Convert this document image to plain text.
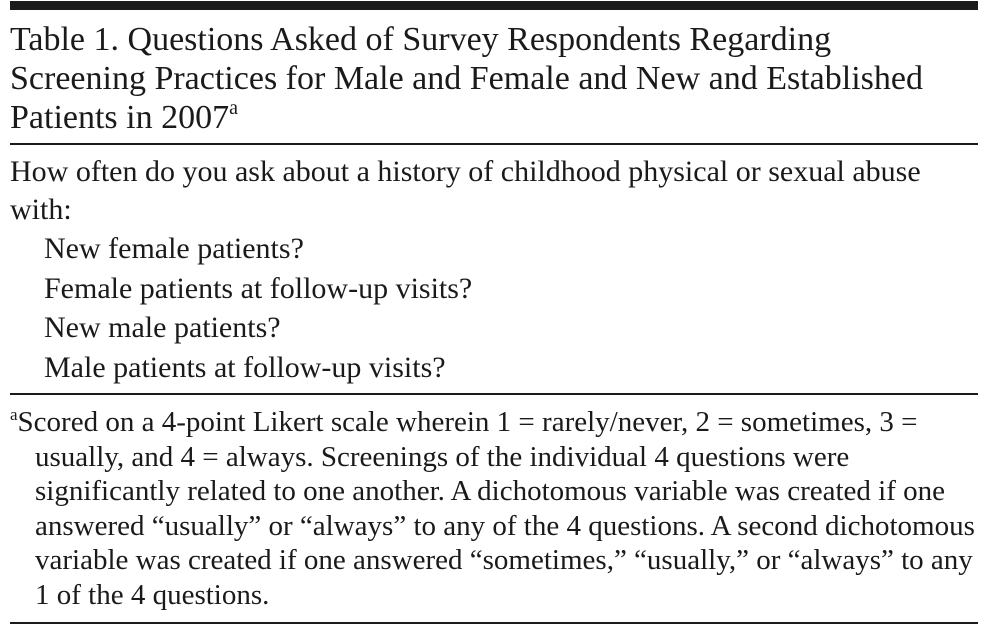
Table 1. Questions Asked of Survey Respondents Regarding Screening Practices for Male and Female and New and Established Patients in 2007$^a$
How often do you ask about a history of childhood physical or sexual abuse with:
New female patients?
Female patients at follow-up visits?
New male patients?
Male patients at follow-up visits?
$^a$Scored on a 4-point Likert scale wherein 1 = rarely/never, 2 = sometimes, 3 = usually, and 4 = always. Screenings of the individual 4 questions were significantly related to one another. A dichotomous variable was created if one answered “usually” or “always” to any of the 4 questions. A second dichotomous variable was created if one answered “sometimes,” “usually,” or “always” to any 1 of the 4 questions.
